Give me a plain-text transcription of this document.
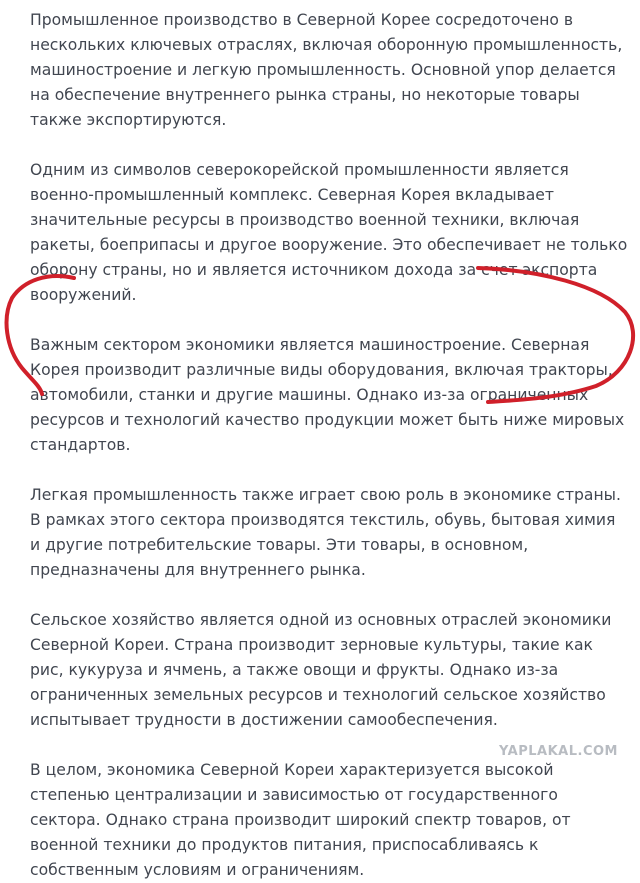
Промышленное производство в Северной Корее сосредоточено в нескольких ключевых отраслях, включая оборонную промышленность, машиностроение и легкую промышленность. Основной упор делается на обеспечение внутреннего рынка страны, но некоторые товары также экспортируются.

Одним из символов северокорейской промышленности является военно-промышленный комплекс. Северная Корея вкладывает значительные ресурсы в производство военной техники, включая ракеты, боеприпасы и другое вооружение. Это обеспечивает не только оборону страны, но и является источником дохода за счет экспорта вооружений.

Важным сектором экономики является машиностроение. Северная Корея производит различные виды оборудования, включая тракторы, автомобили, станки и другие машины. Однако из-за ограниченных ресурсов и технологий качество продукции может быть ниже мировых стандартов.

Легкая промышленность также играет свою роль в экономике страны. В рамках этого сектора производятся текстиль, обувь, бытовая химия и другие потребительские товары. Эти товары, в основном, предназначены для внутреннего рынка.

Сельское хозяйство является одной из основных отраслей экономики Северной Кореи. Страна производит зерновые культуры, такие как рис, кукуруза и ячмень, а также овощи и фрукты. Однако из-за ограниченных земельных ресурсов и технологий сельское хозяйство испытывает трудности в достижении самообеспечения.

В целом, экономика Северной Кореи характеризуется высокой степенью централизации и зависимостью от государственного сектора. Однако страна производит широкий спектр товаров, от военной техники до продуктов питания, приспосабливаясь к собственным условиям и ограничениям.

YAPLAKAL.COM
